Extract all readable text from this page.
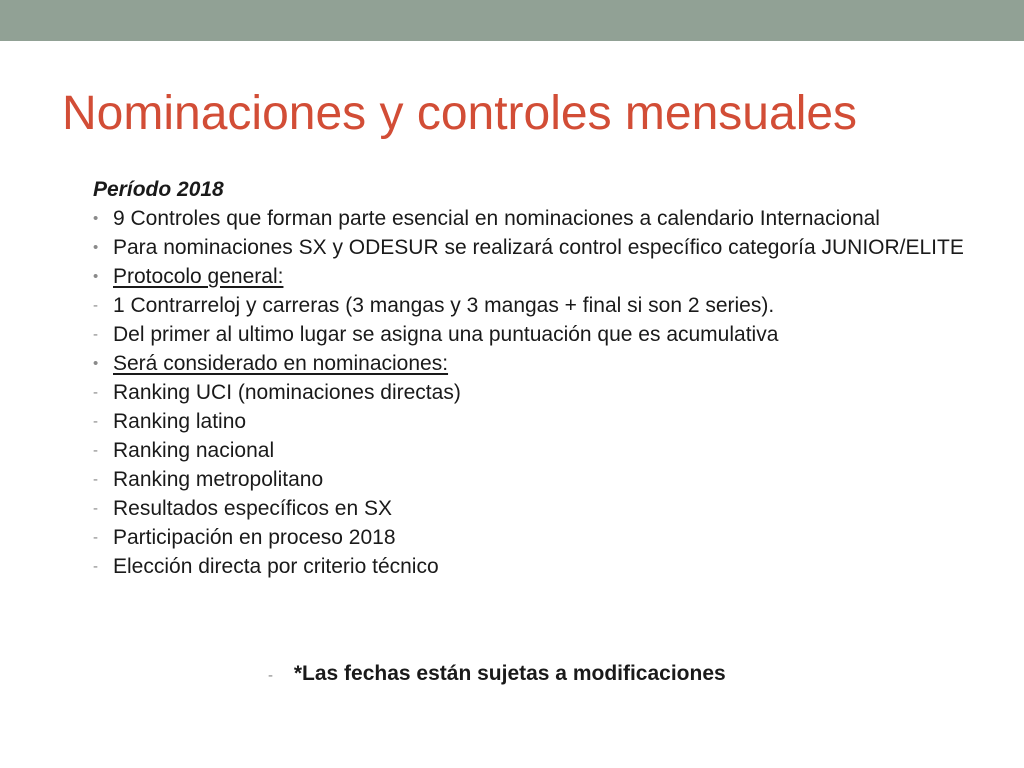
Nominaciones y controles mensuales
Período 2018
• 9 Controles que forman parte esencial en nominaciones a calendario Internacional
• Para nominaciones SX y ODESUR se realizará control específico categoría JUNIOR/ELITE
• Protocolo general:
- 1 Contrarreloj y carreras (3 mangas y 3 mangas + final si son 2 series).
- Del primer al ultimo lugar se asigna una puntuación que es acumulativa
• Será considerado en nominaciones:
- Ranking UCI (nominaciones directas)
- Ranking latino
- Ranking nacional
- Ranking metropolitano
- Resultados específicos en SX
- Participación en proceso 2018
- Elección directa por criterio técnico
- *Las fechas están sujetas a modificaciones
